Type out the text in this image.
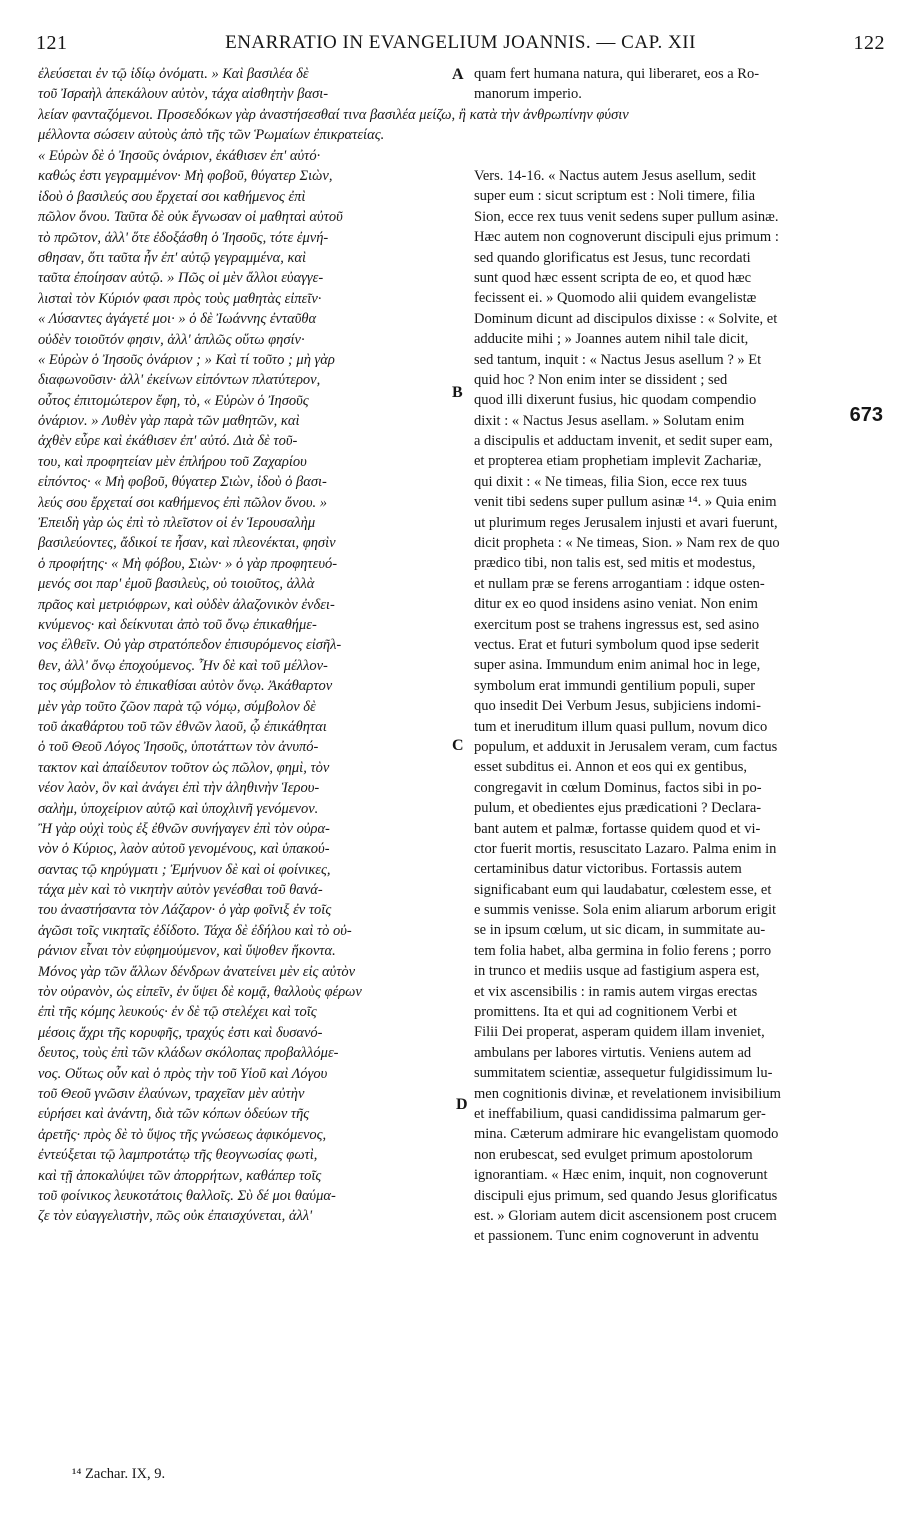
121	ENARRATIO IN EVANGELIUM JOANNIS. — CAP. XII	122
ἐλεύσεται ἐν τῷ ἰδίῳ ὀνόματι. » Καὶ βασιλέα δὲ
τοῦ Ἰσραὴλ ἀπεκάλουν αὐτὸν, τάχα αἰσθητὴν βασι-
quam fert humana natura, qui liberaret, eos a Ro-
manorum imperio.
λείαν φανταζόμενοι. Προσεδόκων γὰρ ἀναστήσεσθαί τινα βασιλέα μείζω, ἢ κατὰ τὴν ἀνθρωπίνην φύσιν
μέλλοντα σώσειν αὐτοὺς ἀπὸ τῆς τῶν Ῥωμαίων ἐπικρατείας.
« Εὑρὼν δὲ ὁ Ἰησοῦς ὀνάριον, ἐκάθισεν ἐπ' αὐτό·
καθώς ἐστι γεγραμμένον· Μὴ φοβοῦ, θύγατερ Σιὼν,
ἰδοὺ ὁ βασιλεύς σου ἔρχεταί σοι καθήμενος ἐπὶ
πῶλον ὄνου. Ταῦτα δὲ οὐκ ἔγνωσαν οἱ μαθηταὶ αὐτοῦ
τὸ πρῶτον, ἀλλ' ὅτε ἐδοξάσθη ὁ Ἰησοῦς, τότε ἐμνή-
σθησαν, ὅτι ταῦτα ἦν ἐπ' αὐτῷ γεγραμμένα, καὶ
ταῦτα ἐποίησαν αὐτῷ. » Πῶς οἱ μὲν ἄλλοι εὐαγγε-
λισταὶ τὸν Κύριόν φασι πρὸς τοὺς μαθητὰς εἰπεῖν·
« Λύσαντες ἀγάγετέ μοι· » ὁ δὲ Ἰωάννης ἐνταῦθα
οὐδὲν τοιοῦτόν φησιν, ἀλλ' ἁπλῶς οὕτω φησίν·
« Εὑρὼν ὁ Ἰησοῦς ὀνάριον ; » Καὶ τί τοῦτο ; μὴ γὰρ
διαφωνοῦσιν· ἀλλ' ἐκείνων εἰπόντων πλατύτερον,
οὗτος ἐπιτομώτερον ἔφη, τὸ, « Εὑρὼν ὁ Ἰησοῦς
ὀνάριον. » Λυθὲν γὰρ παρὰ τῶν μαθητῶν, καὶ
ἀχθὲν εὗρε καὶ ἐκάθισεν ἐπ' αὐτό. Διὰ δὲ τοῦ-
του, καὶ προφητείαν μὲν ἐπλήρου τοῦ Ζαχαρίου
εἰπόντος· « Μὴ φοβοῦ, θύγατερ Σιὼν, ἰδοὺ ὁ βασι-
λεύς σου ἔρχεταί σοι καθήμενος ἐπὶ πῶλον ὄνου. »
Ἐπειδὴ γὰρ ὡς ἐπὶ τὸ πλεῖστον οἱ ἐν Ἱερουσαλὴμ
βασιλεύοντες, ἄδικοί τε ἦσαν, καὶ πλεονέκται, φησὶν
ὁ προφήτης· « Μὴ φόβου, Σιὼν· » ὁ γὰρ προφητευό-
μενός σοι παρ' ἐμοῦ βασιλεὺς, οὐ τοιοῦτος, ἀλλὰ
πρᾶος καὶ μετριόφρων, καὶ οὐδὲν ἀλαζονικὸν ἐνδει-
κνύμενος· καὶ δείκνυται ἀπὸ τοῦ ὄνῳ ἐπικαθήμε-
νος ἐλθεῖν. Οὐ γὰρ στρατόπεδον ἐπισυρόμενος εἰσῆλ-
θεν, ἀλλ' ὄνῳ ἐποχούμενος. Ἦν δὲ καὶ τοῦ μέλλον-
τος σύμβολον τὸ ἐπικαθίσαι αὐτὸν ὄνῳ. Ἀκάθαρτον
μὲν γὰρ τοῦτο ζῶον παρὰ τῷ νόμῳ, σύμβολον δὲ
τοῦ ἀκαθάρτου τοῦ τῶν ἐθνῶν λαοῦ, ᾧ ἐπικάθηται
ὁ τοῦ Θεοῦ Λόγος Ἰησοῦς, ὑποτάττων τὸν ἀνυπό-
τακτον καὶ ἀπαίδευτον τοῦτον ὡς πῶλον, φημὶ, τὸν
νέον λαὸν, ὃν καὶ ἀνάγει ἐπὶ τὴν ἀληθινὴν Ἱερου-
σαλὴμ, ὑποχείριον αὐτῷ καὶ ὑποχλινῆ γενόμενον.
Ἢ γὰρ οὐχὶ τοὺς ἐξ ἐθνῶν συνήγαγεν ἐπὶ τὸν οὐρα-
νὸν ὁ Κύριος, λαὸν αὐτοῦ γενομένους, καὶ ὑπακού-
σαντας τῷ κηρύγματι ; Ἐμήνυον δὲ καὶ οἱ φοίνικες,
τάχα μὲν καὶ τὸ νικητὴν αὐτὸν γενέσθαι τοῦ θανά-
του ἀναστήσαντα τὸν Λάζαρον· ὁ γὰρ φοῖνιξ ἐν τοῖς
ἀγῶσι τοῖς νικηταῖς ἐδίδοτο. Τάχα δὲ ἐδήλου καὶ τὸ οὐ-
ράνιον εἶναι τὸν εὐφημούμενον, καὶ ὕψοθεν ἥκοντα.
Μόνος γὰρ τῶν ἄλλων δένδρων ἀνατείνει μὲν εἰς αὐτὸν
τὸν οὐρανὸν, ὡς εἰπεῖν, ἐν ὕψει δὲ κομᾷ, θαλλοὺς φέρων
ἐπὶ τῆς κόμης λευκούς· ἐν δὲ τῷ στελέχει καὶ τοῖς
μέσοις ἄχρι τῆς κορυφῆς, τραχύς ἐστι καὶ δυσανό-
δευτος, τοὺς ἐπὶ τῶν κλάδων σκόλοπας προβαλλόμε-
νος. Οὕτως οὖν καὶ ὁ πρὸς τὴν τοῦ Υἱοῦ καὶ Λόγου
τοῦ Θεοῦ γνῶσιν ἐλαύνων, τραχεῖαν μὲν αὐτὴν
εὑρήσει καὶ ἀνάντη, διὰ τῶν κόπων ὁδεύων τῆς
ἀρετῆς· πρὸς δὲ τὸ ὕψος τῆς γνώσεως ἀφικόμενος,
ἐντεύξεται τῷ λαμπροτάτῳ τῆς θεογνωσίας φωτὶ,
καὶ τῇ ἀποκαλύψει τῶν ἀπορρήτων, καθάπερ τοῖς
τοῦ φοίνικος λευκοτάτοις θαλλοῖς. Σὺ δέ μοι θαύμα-
ζε τὸν εὐαγγελιστὴν, πῶς οὐκ ἐπαισχύνεται, ἀλλ'
Vers. 14-16. « Nactus autem Jesus asellum, sedit
super eum : sicut scriptum est : Noli timere, filia
Sion, ecce rex tuus venit sedens super pullum asinæ.
Hæc autem non cognoverunt discipuli ejus primum :
sed quando glorificatus est Jesus, tunc recordati
sunt quod hæc essent scripta de eo, et quod hæc
fecissent ei. » Quomodo alii quidem evangelistæ
Dominum dicunt ad discipulos dixisse : « Solvite, et
adducite mihi ; » Joannes autem nihil tale dicit,
sed tantum, inquit : « Nactus Jesus asellum ? » Et
quid hoc ? Non enim inter se dissident ; sed
quod illi dixerunt fusius, hic quodam compendio
dixit : « Nactus Jesus asellam. » Solutam enim
a discipulis et adductam invenit, et sedit super eam,
et propterea etiam prophetiam implevit Zachariæ,
qui dixit : « Ne timeas, filia Sion, ecce rex tuus
venit tibi sedens super pullum asinæ ¹⁴. » Quia enim
ut plurimum reges Jerusalem injusti et avari fuerunt,
dicit propheta : « Ne timeas, Sion. » Nam rex de quo
prædico tibi, non talis est, sed mitis et modestus,
et nullam præ se ferens arrogantiam : idque osten-
ditur ex eo quod insidens asino veniat. Non enim
exercitum post se trahens ingressus est, sed asino
vectus. Erat et futuri symbolum quod ipse sederit
super asina. Immundum enim animal hoc in lege,
symbolum erat immundi gentilium populi, super
quo insedit Dei Verbum Jesus, subjiciens indomi-
tum et ineruditum illum quasi pullum, novum dico
populum, et adduxit in Jerusalem veram, cum factus
esset subditus ei. Annon et eos qui ex gentibus,
congregavit in cœlum Dominus, factos sibi in po-
pulum, et obedientes ejus prædicationi ? Declara-
bant autem et palmæ, fortasse quidem quod et vi-
ctor fuerit mortis, resuscitato Lazaro. Palma enim in
certaminibus datur victoribus. Fortassis autem
significabant eum qui laudabatur, cœlestem esse, et
e summis venisse. Sola enim aliarum arborum erigit
se in ipsum cœlum, ut sic dicam, in summitate au-
tem folia habet, alba germina in folio ferens ; porro
in trunco et mediis usque ad fastigium aspera est,
et vix ascensibilis : in ramis autem virgas erectas
promittens. Ita et qui ad cognitionem Verbi et
Filii Dei properat, asperam quidem illam inveniet,
ambulans per labores virtutis. Veniens autem ad
summitatem scientiæ, assequetur fulgidissimum lu-
men cognitionis divinæ, et revelationem invisibilium
et ineffabilium, quasi candidissima palmarum ger-
mina. Cæterum admirare hic evangelistam quomodo
non erubescat, sed evulget primum apostolorum
ignorantiam. « Hæc enim, inquit, non cognoverunt
discipuli ejus primum, sed quando Jesus glorificatus
est. » Gloriam autem dicit ascensionem post crucem
et passionem. Tunc enim cognoverunt in adventu
A
B
C
D
673
¹⁴ Zachar. IX, 9.
